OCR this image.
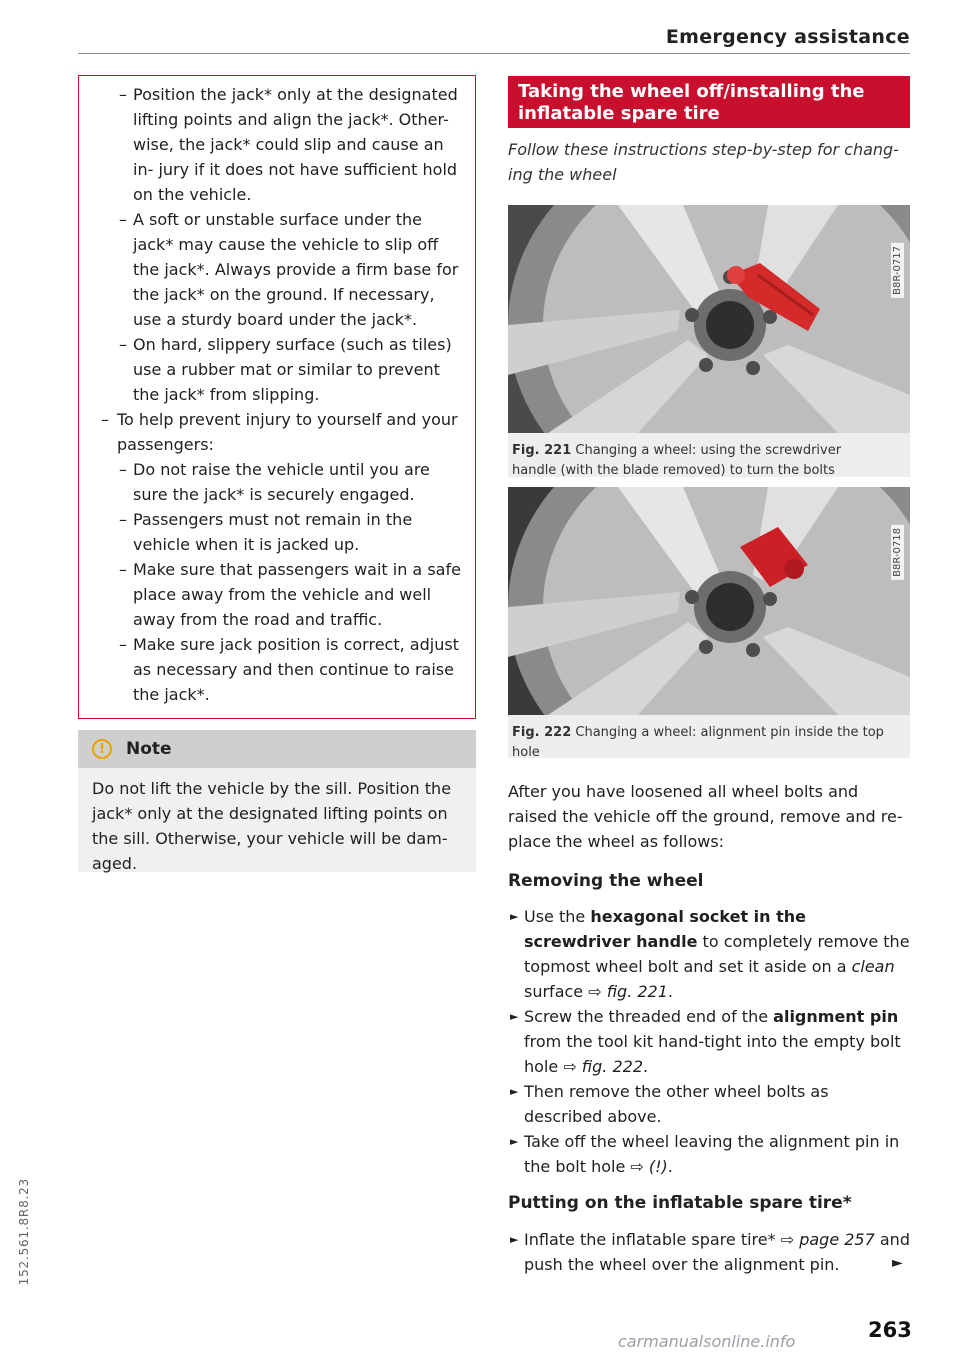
Emergency assistance
– Position the jack* only at the designated lifting points and align the jack*. Other- wise, the jack* could slip and cause an in- jury if it does not have sufficient hold on the vehicle.
– A soft or unstable surface under the jack* may cause the vehicle to slip off the jack*. Always provide a firm base for the jack* on the ground. If necessary, use a sturdy board under the jack*.
– On hard, slippery surface (such as tiles) use a rubber mat or similar to prevent the jack* from slipping.
– To help prevent injury to yourself and your passengers:
– Do not raise the vehicle until you are sure the jack* is securely engaged.
– Passengers must not remain in the vehicle when it is jacked up.
– Make sure that passengers wait in a safe place away from the vehicle and well away from the road and traffic.
– Make sure jack position is correct, adjust as necessary and then continue to raise the jack*.
!	Note

Do not lift the vehicle by the sill. Position the jack* only at the designated lifting points on the sill. Otherwise, your vehicle will be dam- aged.

Taking the wheel off/installing the
inflatable spare tire

Follow these instructions step-by-step for chang- ing the wheel

B8R-0717

Fig. 221 Changing a wheel: using the screwdriver handle (with the blade removed) to turn the bolts

B8R-0718

Fig. 222 Changing a wheel: alignment pin inside the top hole

After you have loosened all wheel bolts and raised the vehicle off the ground, remove and re- place the wheel as follows:

Removing the wheel
► Use the hexagonal socket in the screwdriver handle to completely remove the topmost wheel bolt and set it aside on a clean surface ⇨ fig. 221.
► Screw the threaded end of the alignment pin from the tool kit hand-tight into the empty bolt hole ⇨ fig. 222.
► Then remove the other wheel bolts as described above.
► Take off the wheel leaving the alignment pin in the bolt hole ⇨ (!).
Putting on the inflatable spare tire*
► Inflate the inflatable spare tire* ⇨ page 257 and push the wheel over the alignment pin.	►
263
152.561.8R8.23
carmanualsonline.info
